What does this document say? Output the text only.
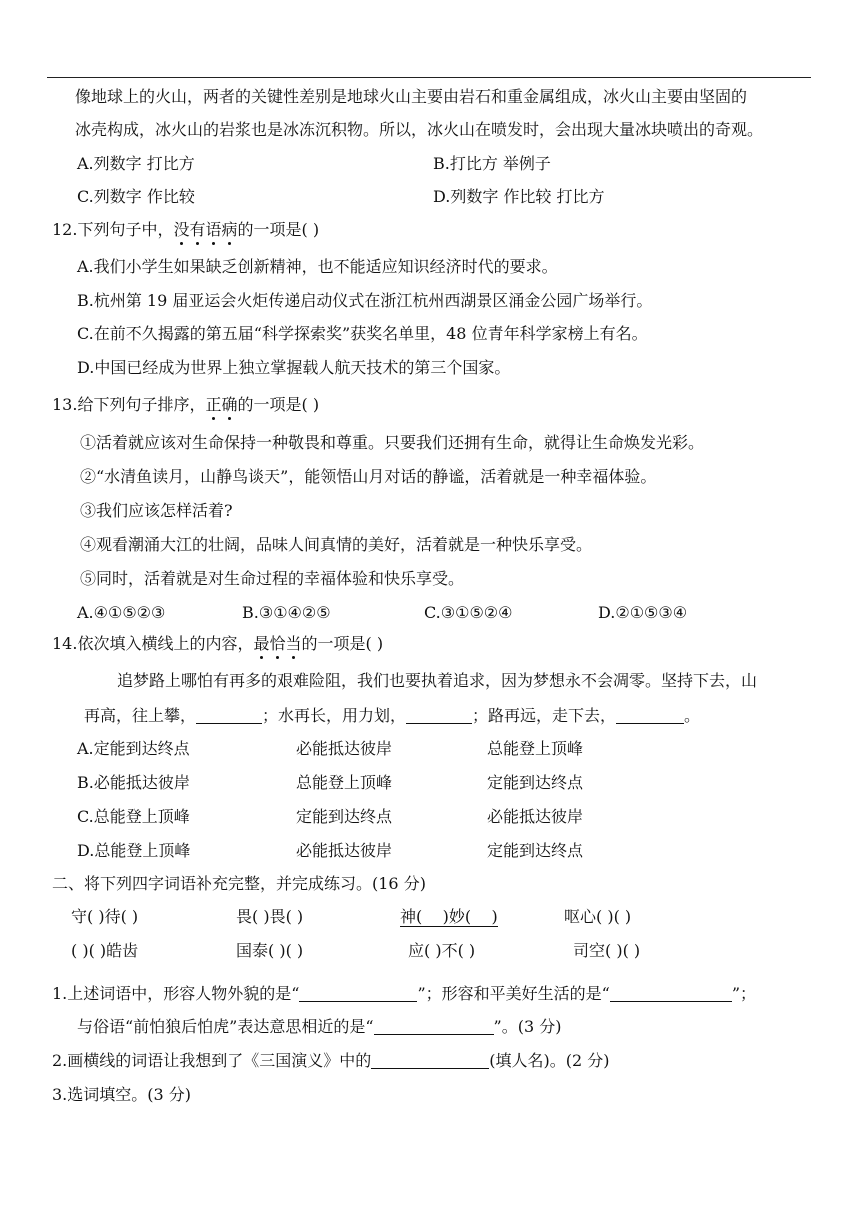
像地球上的火山，两者的关键性差别是地球火山主要由岩石和重金属组成，冰火山主要由坚固的
冰壳构成，冰火山的岩浆也是冰冻沉积物。所以，冰火山在喷发时，会出现大量冰块喷出的奇观。
A.列数字 打比方	B.打比方 举例子
C.列数字 作比较	D.列数字 作比较 打比方
12.下列句子中，没有语病的一项是( )
A.我们小学生如果缺乏创新精神，也不能适应知识经济时代的要求。
B.杭州第 19 届亚运会火炬传递启动仪式在浙江杭州西湖景区涌金公园广场举行。
C.在前不久揭露的第五届“科学探索奖”获奖名单里，48 位青年科学家榜上有名。
D.中国已经成为世界上独立掌握载人航天技术的第三个国家。
13.给下列句子排序，正确的一项是( )
①活着就应该对生命保持一种敬畏和尊重。只要我们还拥有生命，就得让生命焕发光彩。
②“水清鱼读月，山静鸟谈天”，能领悟山月对话的静谧，活着就是一种幸福体验。
③我们应该怎样活着?
④观看潮涌大江的壮阔，品味人间真情的美好，活着就是一种快乐享受。
⑤同时，活着就是对生命过程的幸福体验和快乐享受。
A.④①⑤②③	B.③①④②⑤	C.③①⑤②④	D.②①⑤③④
14.依次填入横线上的内容，最恰当的一项是( )
追梦路上哪怕有再多的艰难险阻，我们也要执着追求，因为梦想永不会凋零。坚持下去，山
再高，往上攀，	；水再长，用力划，	；路再远，走下去，	。
A.定能到达终点	必能抵达彼岸	总能登上顶峰
B.必能抵达彼岸	总能登上顶峰	定能到达终点
C.总能登上顶峰	定能到达终点	必能抵达彼岸
D.总能登上顶峰	必能抵达彼岸	定能到达终点
二、将下列四字词语补充完整，并完成练习。(16 分)
守( )待( )	畏( )畏( )	神( )妙( )	呕心( )( )
( )( )皓齿	国泰( )( )	应( )不( )	司空( )( )
1.上述词语中，形容人物外貌的是“	”；形容和平美好生活的是“	”；
与俗语“前怕狼后怕虎”表达意思相近的是“	”。(3 分)
2.画横线的词语让我想到了《三国演义》中的	(填人名)。(2 分)
3.选词填空。(3 分)
